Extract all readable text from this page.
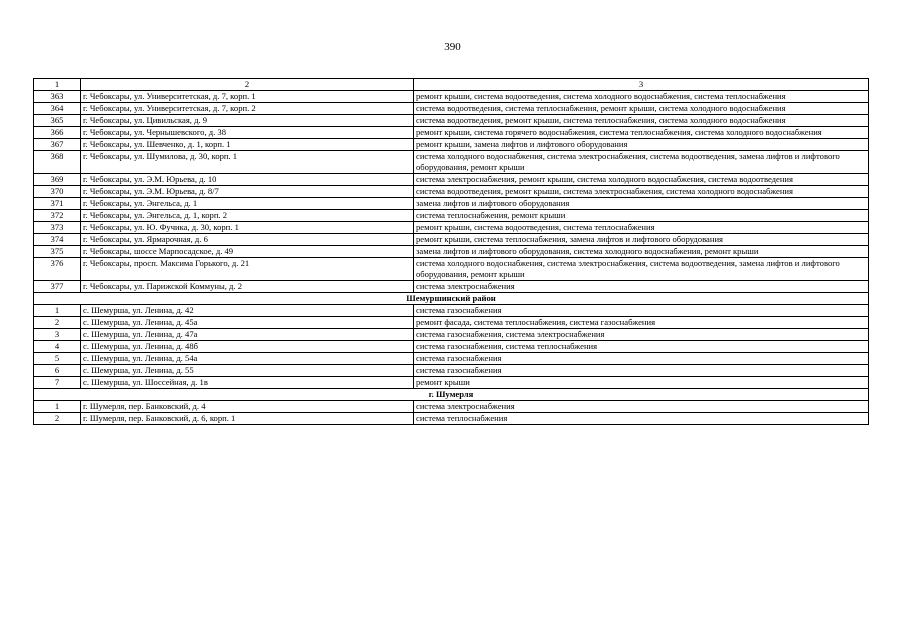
390
1	2	3
363	г. Чебоксары, ул. Университетская, д. 7, корп. 1	ремонт крыши, система водоотведения, система холодного водоснабжения, система теплоснабжения
364	г. Чебоксары, ул. Университетская, д. 7, корп. 2	система водоотведения, система теплоснабжения, ремонт крыши, система холодного водоснабжения
365	г. Чебоксары, ул. Цивильская, д. 9	система водоотведения, ремонт крыши, система теплоснабжения, система холодного водоснабжения
366	г. Чебоксары, ул. Чернышевского, д. 38	ремонт крыши, система горячего водоснабжения, система теплоснабжения, система холодного водоснабжения
367	г. Чебоксары, ул. Шевченко, д. 1, корп. 1	ремонт крыши, замена лифтов и лифтового оборудования
368	г. Чебоксары, ул. Шумилова, д. 30, корп. 1	система холодного водоснабжения, система электроснабжения, система водоотведения, замена лифтов и лифтового оборудования, ремонт крыши
369	г. Чебоксары, ул. Э.М. Юрьева, д. 10	система электроснабжения, ремонт крыши, система холодного водоснабжения, система водоотведения
370	г. Чебоксары, ул. Э.М. Юрьева, д. 8/7	система водоотведения, ремонт крыши, система электроснабжения, система холодного водоснабжения
371	г. Чебоксары, ул. Энгельса, д. 1	замена лифтов и лифтового оборудования
372	г. Чебоксары, ул. Энгельса, д. 1, корп. 2	система теплоснабжения, ремонт крыши
373	г. Чебоксары, ул. Ю. Фучика, д. 30, корп. 1	ремонт крыши, система водоотведения, система теплоснабжения
374	г. Чебоксары, ул. Ярмарочная, д. 6	ремонт крыши, система теплоснабжения, замена лифтов и лифтового оборудования
375	г. Чебоксары, шоссе Марпосадское, д. 49	замена лифтов и лифтового оборудования, система холодного водоснабжения, ремонт крыши
376	г. Чебоксары, просп. Максима Горького, д. 21	система холодного водоснабжения, система электроснабжения, система водоотведения, замена лифтов и лифтового оборудования, ремонт крыши
377	г. Чебоксары, ул. Парижской Коммуны, д. 2	система электроснабжения
Шемуршинский район		
1	с. Шемурша, ул. Ленина, д. 42	система газоснабжения
2	с. Шемурша, ул. Ленина, д. 45а	ремонт фасада, система теплоснабжения, система газоснабжения
3	с. Шемурша, ул. Ленина, д. 47а	система газоснабжения, система электроснабжения
4	с. Шемурша, ул. Ленина, д. 48б	система газоснабжения, система теплоснабжения
5	с. Шемурша, ул. Ленина, д. 54а	система газоснабжения
6	с. Шемурша, ул. Ленина, д. 55	система газоснабжения
7	с. Шемурша, ул. Шоссейная, д. 1в	ремонт крыши
г. Шумерля		
1	г. Шумерля, пер. Банковский, д. 4	система электроснабжения
2	г. Шумерля, пер. Банковский, д. 6, корп. 1	система теплоснабжения
